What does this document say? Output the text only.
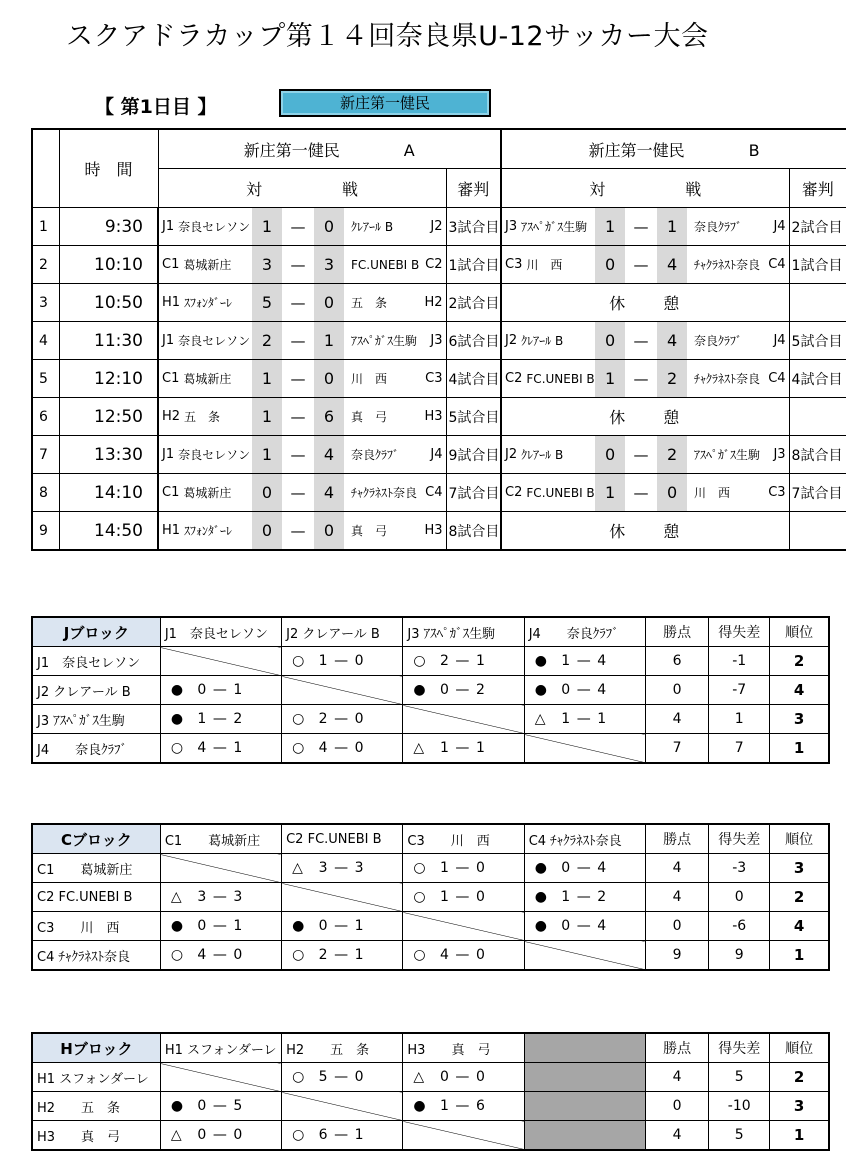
スクアドラカップ第１４回奈良県U-12サッカー大会
【 第1日目 】	新庄第一健民
	時　間	新庄第一健民　　　　A						新庄第一健民　　　　B					
		対　　　　　戦					審判	対　　　　　戦					審判
1	9:30	J1 奈良セレソン	1	—	0	ｸﾚｱｰﾙ B J2	3試合目	J3 ｱｽﾍﾟｶﾞｽ生駒	1	—	1	奈良ｸﾗﾌﾞ J4	2試合目
2	10:10	C1 葛城新庄	3	—	3	FC.UNEBI B C2	1試合目	C3 川　西	0	—	4	ﾁｬｸﾗﾈｽﾄ奈良 C4	1試合目
3	10:50	H1 ｽﾌｫﾝﾀﾞｰﾚ	5	—	0	五　条 H2	2試合目	休　　憩					
4	11:30	J1 奈良セレソン	2	—	1	ｱｽﾍﾟｶﾞｽ生駒 J3	6試合目	J2 ｸﾚｱｰﾙ B	0	—	4	奈良ｸﾗﾌﾞ J4	5試合目
5	12:10	C1 葛城新庄	1	—	0	川　西 C3	4試合目	C2 FC.UNEBI B	1	—	2	ﾁｬｸﾗﾈｽﾄ奈良 C4	4試合目
6	12:50	H2 五　条	1	—	6	真　弓 H3	5試合目	休　　憩					
7	13:30	J1 奈良セレソン	1	—	4	奈良ｸﾗﾌﾞ J4	9試合目	J2 ｸﾚｱｰﾙ B	0	—	2	ｱｽﾍﾟｶﾞｽ生駒 J3	8試合目
8	14:10	C1 葛城新庄	0	—	4	ﾁｬｸﾗﾈｽﾄ奈良 C4	7試合目	C2 FC.UNEBI B	1	—	0	川　西 C3	7試合目
9	14:50	H1 ｽﾌｫﾝﾀﾞｰﾚ	0	—	0	真　弓 H3	8試合目	休　　憩					
Jブロック	J1　奈良セレソン	J2 クレアール B	J3 ｱｽﾍﾟｶﾞｽ生駒	J4　　奈良ｸﾗﾌﾞ	勝点	得失差	順位
J1　奈良セレソン		○ 1 — 0	○ 2 — 1	● 1 — 4	6	-1	2
J2 クレアール B	● 0 — 1		● 0 — 2	● 0 — 4	0	-7	4
J3 ｱｽﾍﾟｶﾞｽ生駒	● 1 — 2	○ 2 — 0		△ 1 — 1	4	1	3
J4　　奈良ｸﾗﾌﾞ	○ 4 — 1	○ 4 — 0	△ 1 — 1		7	7	1
Cブロック	C1　　葛城新庄	C2 FC.UNEBI B	C3　　川　西	C4 ﾁｬｸﾗﾈｽﾄ奈良	勝点	得失差	順位
C1　　葛城新庄		△ 3 — 3	○ 1 — 0	● 0 — 4	4	-3	3
C2 FC.UNEBI B	△ 3 — 3		○ 1 — 0	● 1 — 2	4	0	2
C3　　川　西	● 0 — 1	● 0 — 1		● 0 — 4	0	-6	4
C4 ﾁｬｸﾗﾈｽﾄ奈良	○ 4 — 0	○ 2 — 1	○ 4 — 0		9	9	1
Hブロック	H1 スフォンダーレ	H2　　五　条	H3　　真　弓		勝点	得失差	順位
H1 スフォンダーレ		○ 5 — 0	△ 0 — 0		4	5	2
H2　　五　条	● 0 — 5		● 1 — 6		0	-10	3
H3　　真　弓	△ 0 — 0	○ 6 — 1			4	5	1
